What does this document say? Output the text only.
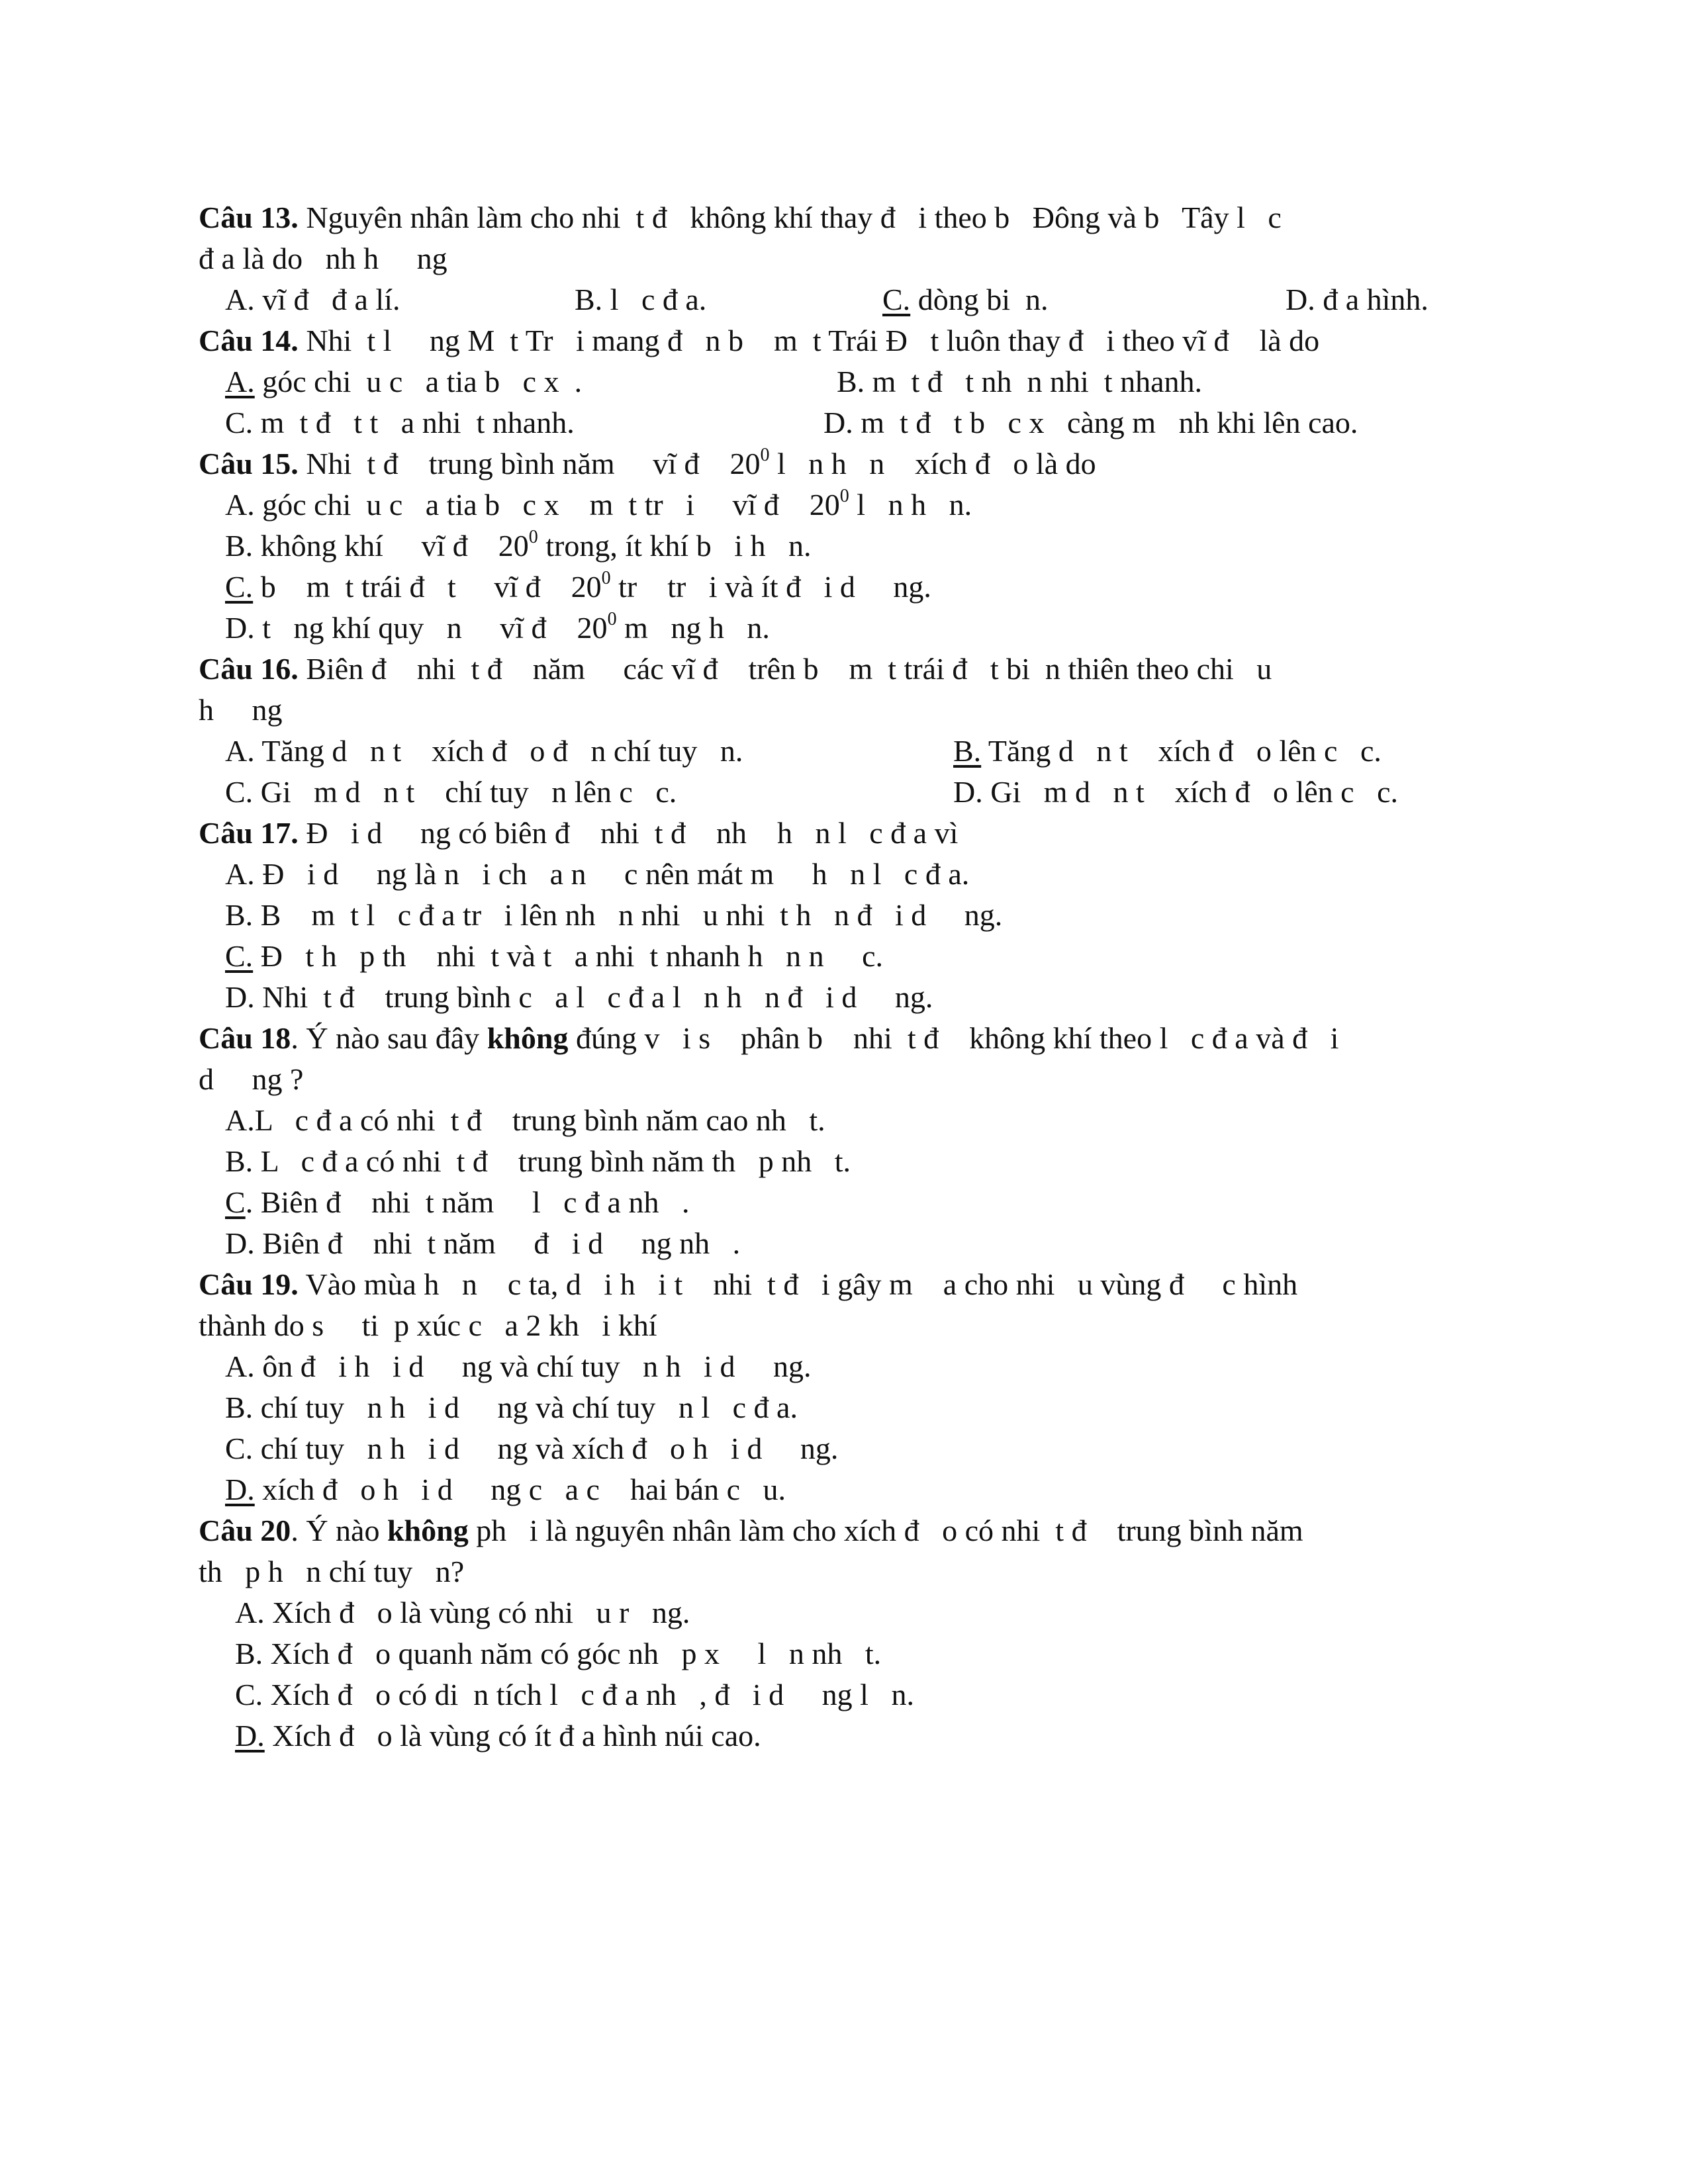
Câu 13. Nguyên nhân làm cho nhi  t đ   không khí thay đ   i theo b   Đông và b   Tây l   c
đ a là do   nh h     ng
A. vĩ đ   đ a lí.	B. l   c đ a.	C. dòng bi  n.	D. đ a hình.
Câu 14. Nhi  t l     ng M  t Tr   i mang đ   n b    m  t Trái Đ   t luôn thay đ   i theo vĩ đ    là do
A. góc chi  u c   a tia b   c x  .	B. m  t đ   t nh  n nhi  t nhanh.
C. m  t đ   t t   a nhi  t nhanh.	D. m  t đ   t b   c x   càng m   nh khi lên cao.
Câu 15. Nhi  t đ    trung bình năm     vĩ đ    $20^0$ l   n h   n    xích đ   o là do
A. góc chi  u c   a tia b   c x    m  t tr   i     vĩ đ    $20^0$ l   n h   n.
B. không khí     vĩ đ    $20^0$ trong, ít khí b   i h   n.
C. b    m  t trái đ   t     vĩ đ    $20^0$ tr    tr   i và ít đ   i d     ng.
D. t   ng khí quy   n     vĩ đ    $20^0$ m   ng h   n.
Câu 16. Biên đ    nhi  t đ    năm     các vĩ đ    trên b    m  t trái đ   t bi  n thiên theo chi   u
h     ng
A. Tăng d   n t    xích đ   o đ   n chí tuy   n.	B. Tăng d   n t    xích đ   o lên c   c.
C. Gi   m d   n t    chí tuy   n lên c   c.	D. Gi   m d   n t    xích đ   o lên c   c.
Câu 17. Đ   i d     ng có biên đ    nhi  t đ    nh    h   n l   c đ a vì
A. Đ   i d     ng là n   i ch   a n     c nên mát m     h   n l   c đ a.
B. B    m  t l   c đ a tr   i lên nh   n nhi   u nhi  t h   n đ   i d     ng.
C. Đ   t h   p th    nhi  t và t   a nhi  t nhanh h   n n     c.
D. Nhi  t đ    trung bình c   a l   c đ a l   n h   n đ   i d     ng.
Câu 18. Ý nào sau đây không đúng v   i s    phân b    nhi  t đ    không khí theo l   c đ a và đ   i
d     ng ?
A.L   c đ a có nhi  t đ    trung bình năm cao nh   t.
B. L   c đ a có nhi  t đ    trung bình năm th   p nh   t.
C. Biên đ    nhi  t năm     l   c đ a nh   .
D. Biên đ    nhi  t năm     đ   i d     ng nh   .
Câu 19. Vào mùa h   n    c ta, d   i h   i t    nhi  t đ   i gây m    a cho nhi   u vùng đ     c hình
thành do s     ti  p xúc c   a 2 kh   i khí
A. ôn đ   i h   i d     ng và chí tuy   n h   i d     ng.
B. chí tuy   n h   i d     ng và chí tuy   n l   c đ a.
C. chí tuy   n h   i d     ng và xích đ   o h   i d     ng.
D. xích đ   o h   i d     ng c   a c    hai bán c   u.
Câu 20. Ý nào không ph   i là nguyên nhân làm cho xích đ   o có nhi  t đ    trung bình năm
th   p h   n chí tuy   n?
A. Xích đ   o là vùng có nhi   u r   ng.
B. Xích đ   o quanh năm có góc nh   p x     l   n nh   t.
C. Xích đ   o có di  n tích l   c đ a nh   , đ   i d     ng l   n.
D. Xích đ   o là vùng có ít đ a hình núi cao.
